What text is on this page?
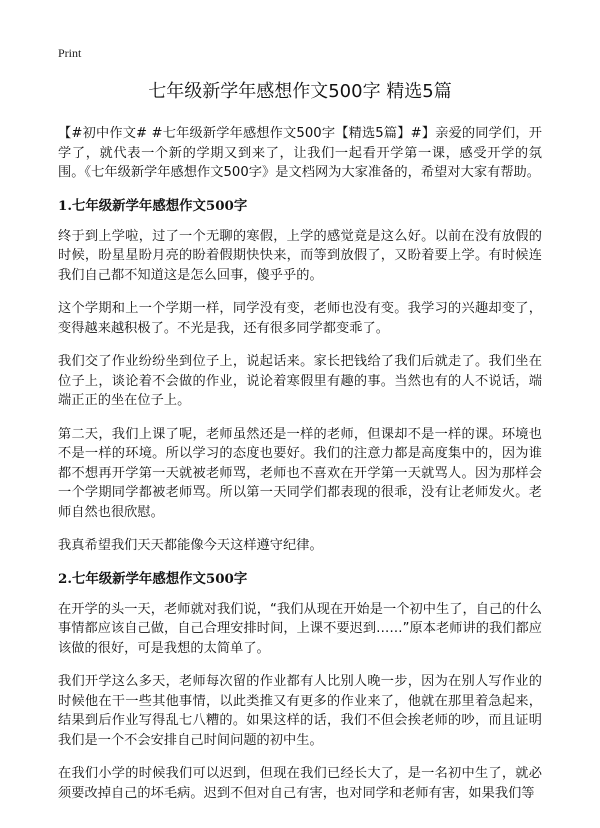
Print
七年级新学年感想作文500字 精选5篇

【#初中作文# #七年级新学年感想作文500字【精选5篇】#】亲爱的同学们，开学了，就代表一个新的学期又到来了，让我们一起看开学第一课，感受开学的氛围。《七年级新学年感想作文500字》是文档网为大家准备的，希望对大家有帮助。

1.七年级新学年感想作文500字

终于到上学啦，过了一个无聊的寒假，上学的感觉竟是这么好。以前在没有放假的时候，盼星星盼月亮的盼着假期快快来，而等到放假了，又盼着要上学。有时候连我们自己都不知道这是怎么回事，傻乎乎的。

这个学期和上一个学期一样，同学没有变，老师也没有变。我学习的兴趣却变了，变得越来越积极了。不光是我，还有很多同学都变乖了。

我们交了作业纷纷坐到位子上，说起话来。家长把钱给了我们后就走了。我们坐在位子上，谈论着不会做的作业，说论着寒假里有趣的事。当然也有的人不说话，端端正正的坐在位子上。

第二天，我们上课了呢，老师虽然还是一样的老师，但课却不是一样的课。环境也不是一样的环境。所以学习的态度也要好。我们的注意力都是高度集中的，因为谁都不想再开学第一天就被老师骂，老师也不喜欢在开学第一天就骂人。因为那样会一个学期同学都被老师骂。所以第一天同学们都表现的很乖，没有让老师发火。老师自然也很欣慰。

我真希望我们天天都能像今天这样遵守纪律。

2.七年级新学年感想作文500字

在开学的头一天，老师就对我们说，“我们从现在开始是一个初中生了，自己的什么事情都应该自己做，自己合理安排时间，上课不要迟到……”原本老师讲的我们都应该做的很好，可是我想的太简单了。

我们开学这么多天，老师每次留的作业都有人比别人晚一步，因为在别人写作业的时候他在干一些其他事情，以此类推又有更多的作业来了，他就在那里着急起来，结果到后作业写得乱七八糟的。如果这样的话，我们不但会挨老师的吵，而且证明我们是一个不会安排自己时间问题的初中生。

在我们小学的时候我们可以迟到，但现在我们已经长大了，是一名初中生了，就必须要改掉自己的坏毛病。迟到不但对自己有害，也对同学和老师有害，如果我们等
